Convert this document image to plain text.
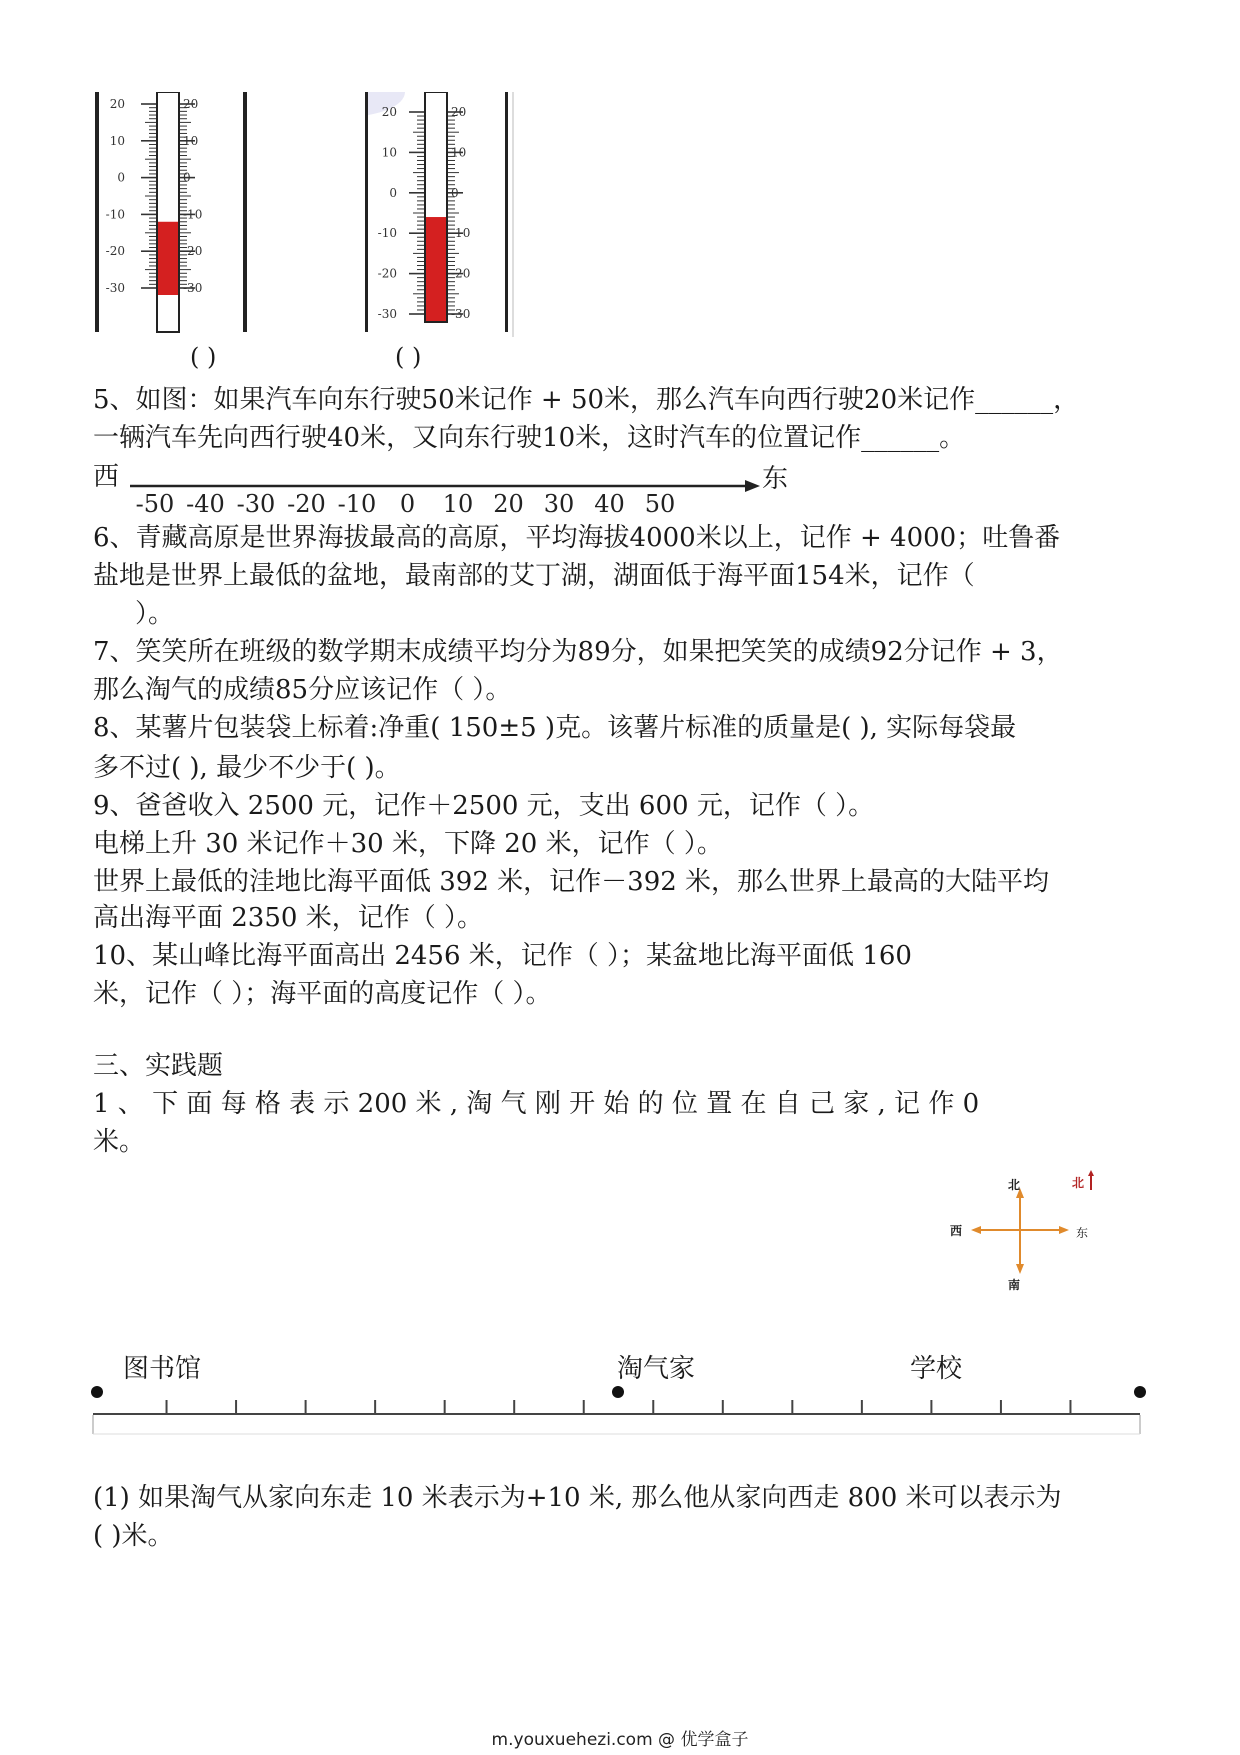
20	20
10	10
0	0
-10	-10
-20	-20
-30	-30
( )
20	20
10	10
0	0
-10	-10
-20	-20
-30	-30
( )
5、如图：如果汽车向东行驶50米记作 + 50米，那么汽车向西行驶20米记作______，
一辆汽车先向西行驶40米，又向东行驶10米，这时汽车的位置记作______。
西	东
-50 -40 -30 -20 -10 0 10 20 30 40 50
6、青藏高原是世界海拔最高的高原，平均海拔4000米以上，记作 + 4000；吐鲁番
盐地是世界上最低的盆地，最南部的艾丁湖，湖面低于海平面154米，记作（
）。
7、笑笑所在班级的数学期末成绩平均分为89分，如果把笑笑的成绩92分记作 + 3，
那么淘气的成绩85分应该记作（ ）。
8、某薯片包装袋上标着:净重( 150±5 )克。该薯片标准的质量是( ), 实际每袋最
多不过( ), 最少不少于( )。
9、爸爸收入 2500 元，记作＋2500 元，支出 600 元，记作（ ）。
电梯上升 30 米记作＋30 米，下降 20 米，记作（ ）。
世界上最低的洼地比海平面低 392 米，记作－392 米，那么世界上最高的大陆平均
高出海平面 2350 米，记作（ ）。
10、某山峰比海平面高出 2456 米，记作（ ）；某盆地比海平面低 160
米，记作（ ）；海平面的高度记作（ ）。
三、实践题
1 、 下 面 每 格 表 示 200 米 , 淘 气 刚 开 始 的 位 置 在 自 己 家 , 记 作 0
米。
北
南
西	东
北
图书馆	淘气家	学校
(1) 如果淘气从家向东走 10 米表示为+10 米, 那么他从家向西走 800 米可以表示为
( )米。
m.youxuehezi.com @ 优学盒子
